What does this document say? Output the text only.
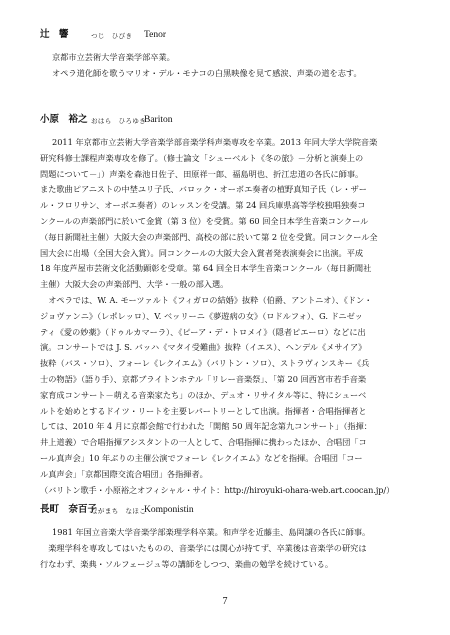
辻　響	つじ　ひびき Tenor
京都市立芸術大学音楽学部卒業。
オペラ道化師を歌うマリオ・デル・モナコの白黒映像を見て感涙、声楽の道を志す。
小原　裕之 おはら　ひろゆき
Bariton
2011 年京都市立芸術大学音楽学部音楽学科声楽専攻を卒業。2013 年同大学大学院音楽
研究科修士課程声楽専攻を修了。（修士論文「シューベルト《冬の旅》－分析と演奏上の
問題について－」）声楽を森池日佐子、田原祥一郎、福島明也、折江忠道の各氏に師事。
また歌曲ピアニストの中埜ユリ子氏、バロック・オーボエ奏者の植野真知子氏（レ・ザー
ル・フロリサン、オーボエ奏者）のレッスンを受講。第 24 回兵庫県高等学校独唱独奏コ
ンクールの声楽部門に於いて金賞（第 3 位）を受賞。第 60 回全日本学生音楽コンクール
（毎日新聞社主催）大阪大会の声楽部門、高校の部に於いて第 2 位を受賞。同コンクール全
国大会に出場（全国大会入賞）。同コンクールの大阪大会入賞者発表演奏会に出演。平成
18 年度芦屋市芸術文化活動顕彰を受章。第 64 回全日本学生音楽コンクール（毎日新聞社
主催）大阪大会の声楽部門、大学・一般の部入選。
　オペラでは、W. A. モーツァルト《フィガロの結婚》抜粋（伯爵、アントニオ）、《ドン・
ジョヴァンニ》（レポレッロ）、V. ベッリーニ《夢遊病の女》（ロドルフォ）、G. ドニゼッ
ティ《愛の妙薬》（ドゥルカマーラ）、《ピーア・デ・トロメイ》（隠者ピエーロ）などに出
演。コンサートでは J. S. バッハ《マタイ受難曲》抜粋（イエス）、ヘンデル《メサイア》
抜粋（バス・ソロ）、フォーレ《レクイエム》（バリトン・ソロ）、ストラヴィンスキー《兵
士の物語》（語り手）、京都ブライトンホテル「リレー音楽祭」、「第 20 回西宮市若手音楽
家育成コンサート－萌える音楽家たち」のほか、デュオ・リサイタル等に、特にシューベ
ルトを始めとするドイツ・リートを主要レパートリーとして出演。指揮者・合唱指揮者と
しては、2010 年 4 月に京都会館で行われた「開館 50 周年記念第九コンサート」（指揮：
井上道義）で合唱指揮アシスタントの一人として、合唱指揮に携わったほか、合唱団「コ
ール真声会」10 年ぶりの主催公演でフォーレ《レクイエム》などを指揮。合唱団「コー
ル真声会」「京都国際交流合唱団」各指揮者。
（バリトン歌手・小原裕之オフィシャル・サイト：http://hiroyuki-ohara-web.art.coocan.jp/）
長町　奈百子
ながまち　なほこ
Komponistin
1981 年国立音楽大学音楽学部楽理学科卒業。和声学を近藤圭、島岡譲の各氏に師事。
　楽理学科を専攻してはいたものの、音楽学には関心が持てず、卒業後は音楽学の研究は
行なわず、楽典・ソルフェージュ等の講師をしつつ、楽曲の勉学を続けている。
7
